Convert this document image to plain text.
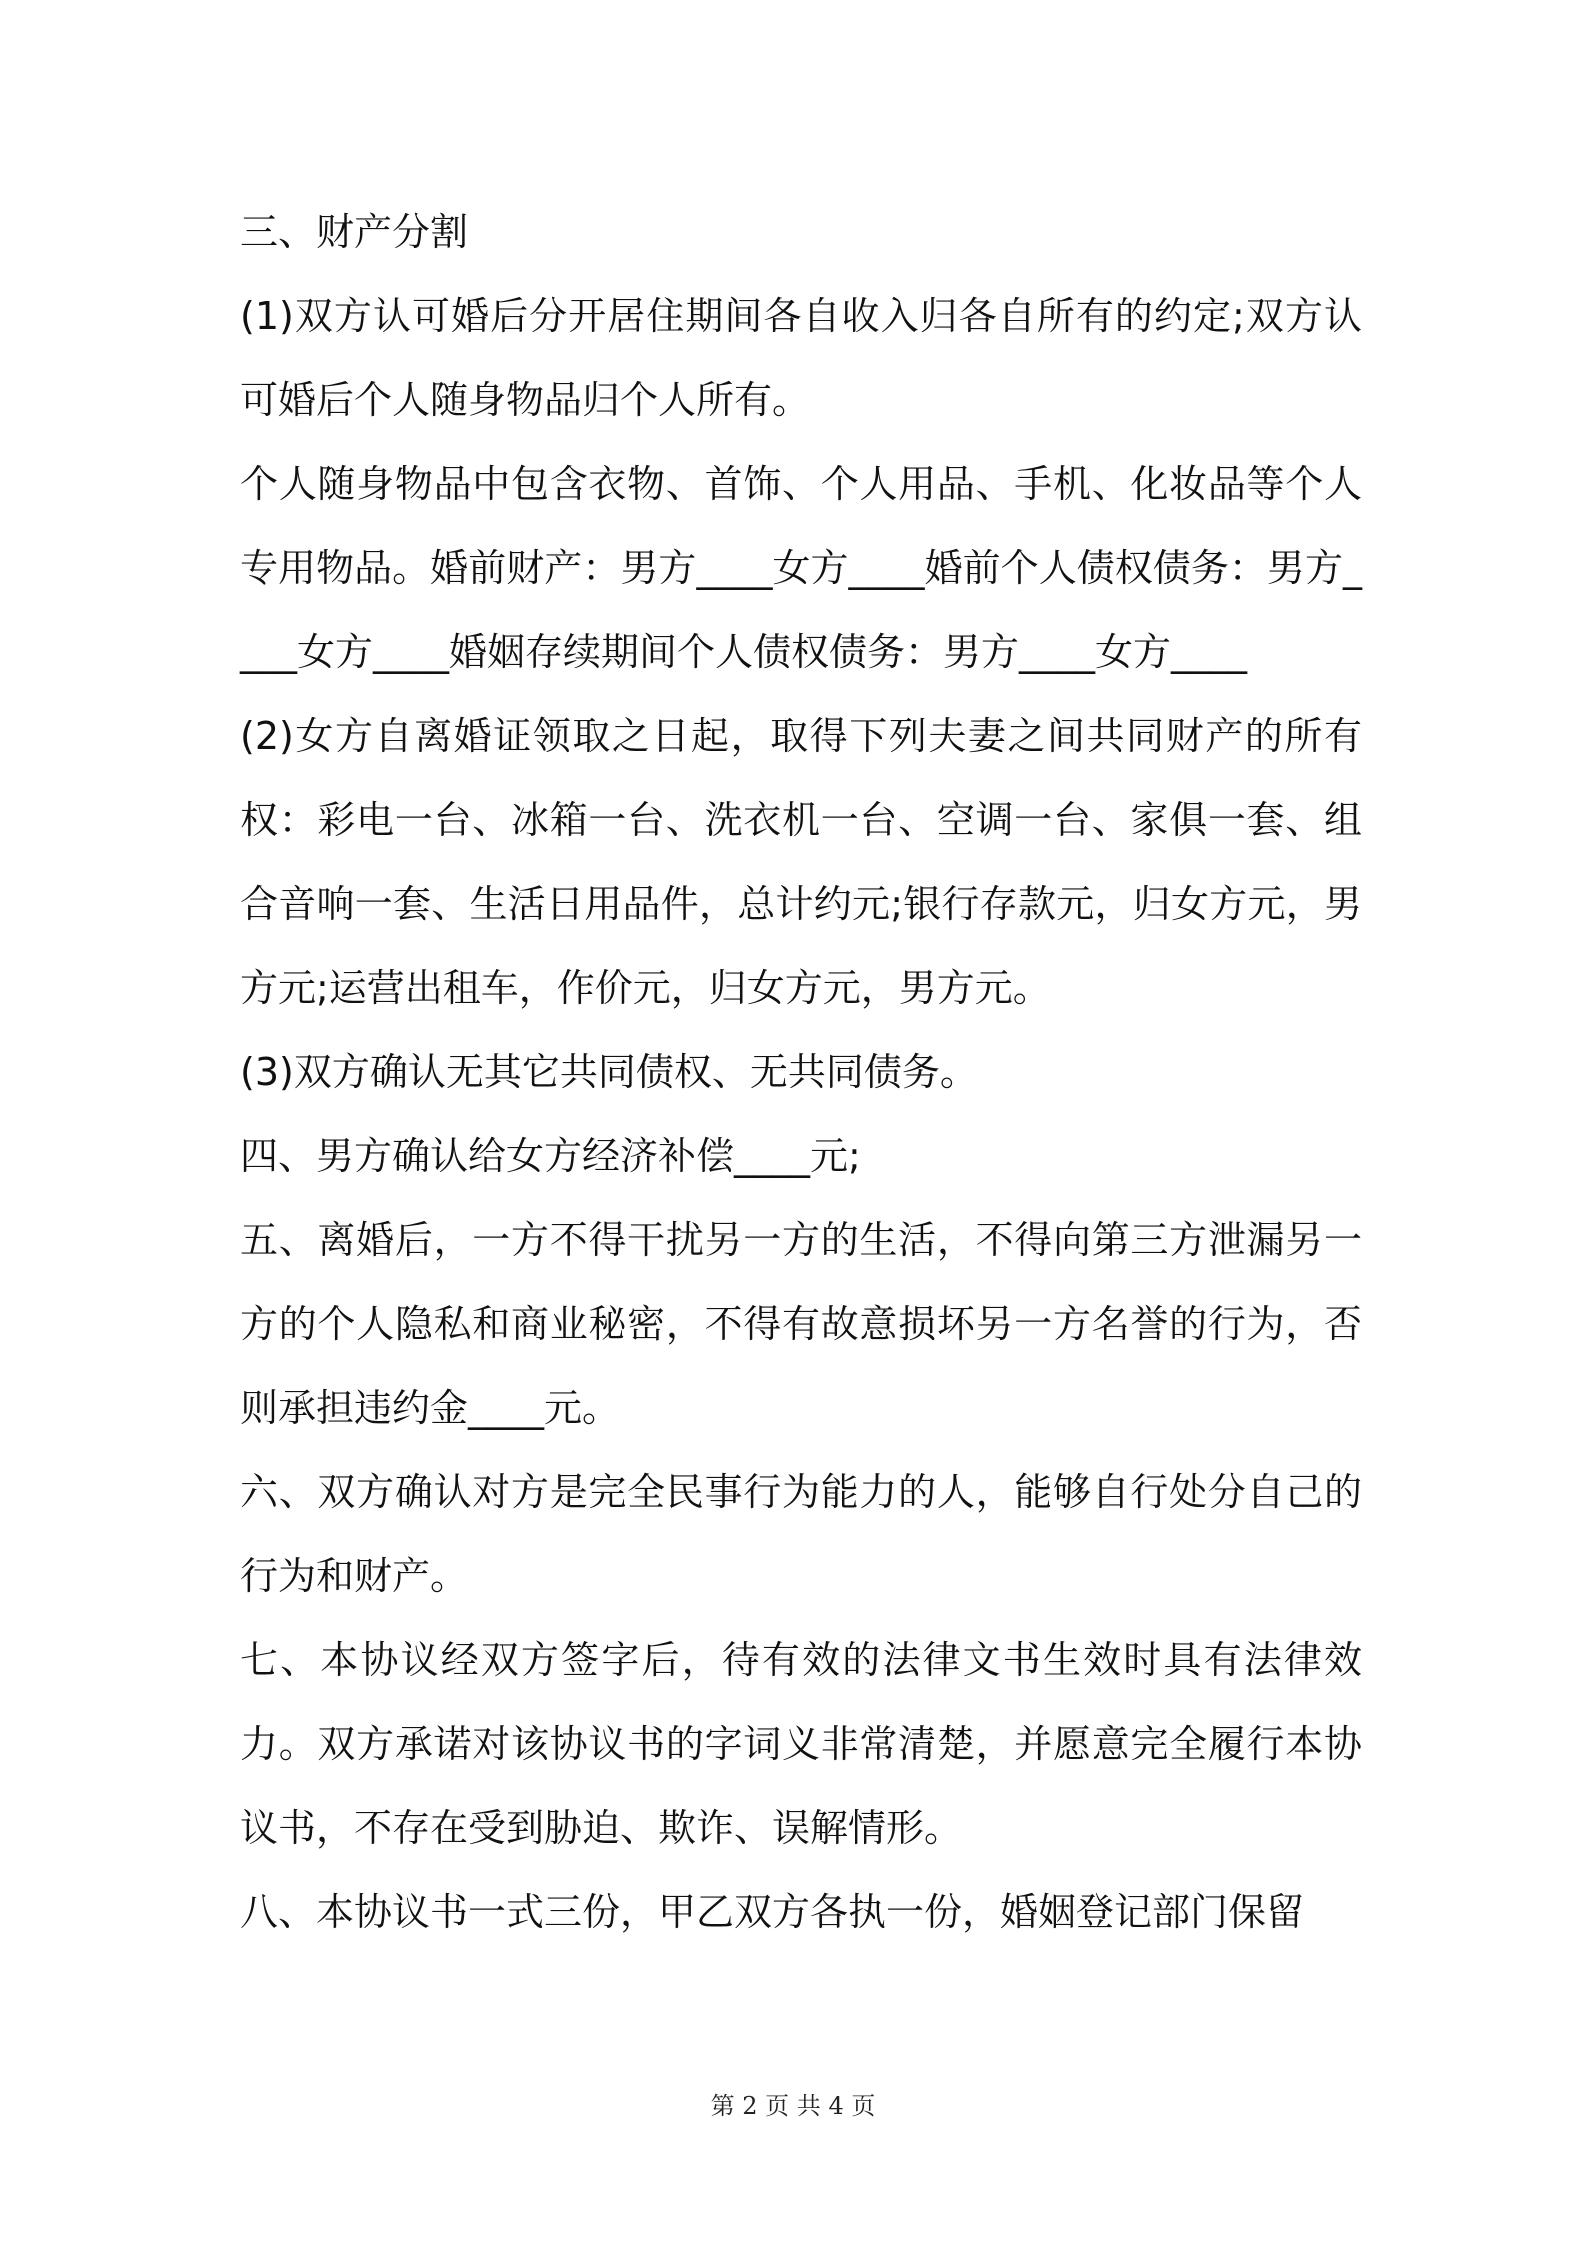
三、财产分割

(1)双方认可婚后分开居住期间各自收入归各自所有的约定;双方认可婚后个人随身物品归个人所有。

个人随身物品中包含衣物、首饰、个人用品、手机、化妆品等个人专用物品。婚前财产：男方____女方____婚前个人债权债务：男方____女方____婚姻存续期间个人债权债务：男方____女方____

(2)女方自离婚证领取之日起，取得下列夫妻之间共同财产的所有权：彩电一台、冰箱一台、洗衣机一台、空调一台、家俱一套、组合音响一套、生活日用品件，总计约元;银行存款元，归女方元，男方元;运营出租车，作价元，归女方元，男方元。

(3)双方确认无其它共同债权、无共同债务。

四、男方确认给女方经济补偿____元;

五、离婚后，一方不得干扰另一方的生活，不得向第三方泄漏另一方的个人隐私和商业秘密，不得有故意损坏另一方名誉的行为，否则承担违约金____元。

六、双方确认对方是完全民事行为能力的人，能够自行处分自己的行为和财产。

七、本协议经双方签字后，待有效的法律文书生效时具有法律效力。双方承诺对该协议书的字词义非常清楚，并愿意完全履行本协议书，不存在受到胁迫、欺诈、误解情形。

八、本协议书一式三份，甲乙双方各执一份，婚姻登记部门保留

第 2 页 共 4 页
